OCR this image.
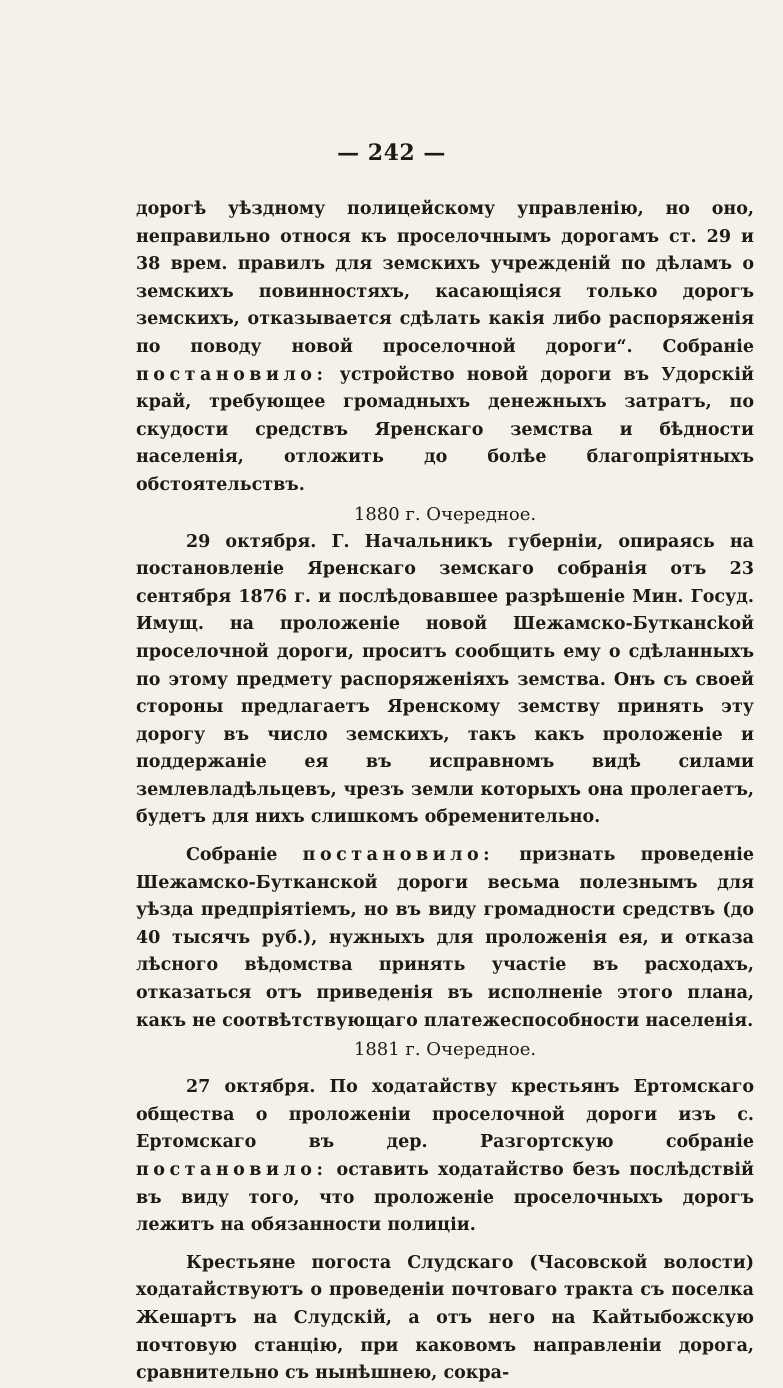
— 242 —

дорогѣ уѣздному полицейскому управленію, но оно, неправильно относя къ проселочнымъ дорогамъ ст. 29 и 38 врем. правилъ для земскихъ учрежденій по дѣламъ о земскихъ повинностяхъ, касающіяся только дорогъ земскихъ, отказывается сдѣлать какія либо распоряженія по поводу новой проселочной дороги“. Собраніе постановило: устройство новой дороги въ Удорскій край, требующее громадныхъ денежныхъ затратъ, по скудости средствъ Яренскаго земства и бѣдности населенія, отложить до болѣе благопріятныхъ обстоятельствъ.

1880 г. Очередное.

29 октября. Г. Начальникъ губерніи, опираясь на постановленіе Яренскаго земскаго собранія отъ 23 сентября 1876 г. и послѣдовавшее разрѣшеніе Мин. Госуд. Имущ. на проложеніе новой Шежамско-Буткансkой проселочной дороги, проситъ сообщить ему о сдѣланныхъ по этому предмету распоряженіяхъ земства. Онъ съ своей стороны предлагаетъ Яренскому земству принять эту дорогу въ число земскихъ, такъ какъ проложеніе и поддержаніе ея въ исправномъ видѣ силами землевладѣльцевъ, чрезъ земли которыхъ она пролегаетъ, будетъ для нихъ слишкомъ обременительно.

Собраніе постановило: признать проведеніе Шежамско-Бутканской дороги весьма полезнымъ для уѣзда предпріятіемъ, но въ виду громадности средствъ (до 40 тысячъ руб.), нужныхъ для проложенія ея, и отказа лѣсного вѣдомства принять участіе въ расходахъ, отказаться отъ приведенія въ исполненіе этого плана, какъ не соотвѣтствующаго платежеспособности населенія.

1881 г. Очередное.

27 октября. По ходатайству крестьянъ Ертомскаго общества о проложеніи проселочной дороги изъ с. Ертомскаго въ дер. Разгортскую собраніе постановило: оставить ходатайство безъ послѣдствій въ виду того, что проложеніе проселочныхъ дорогъ лежитъ на обязанности полиціи.

Крестьяне погоста Слудскаго (Часовской волости) ходатайствуютъ о проведеніи почтоваго тракта съ поселка Жешартъ на Слудскій, а отъ него на Кайтыбожскую почтовую станцію, при каковомъ направленіи дорога, сравнительно съ нынѣшнею, сокра-
